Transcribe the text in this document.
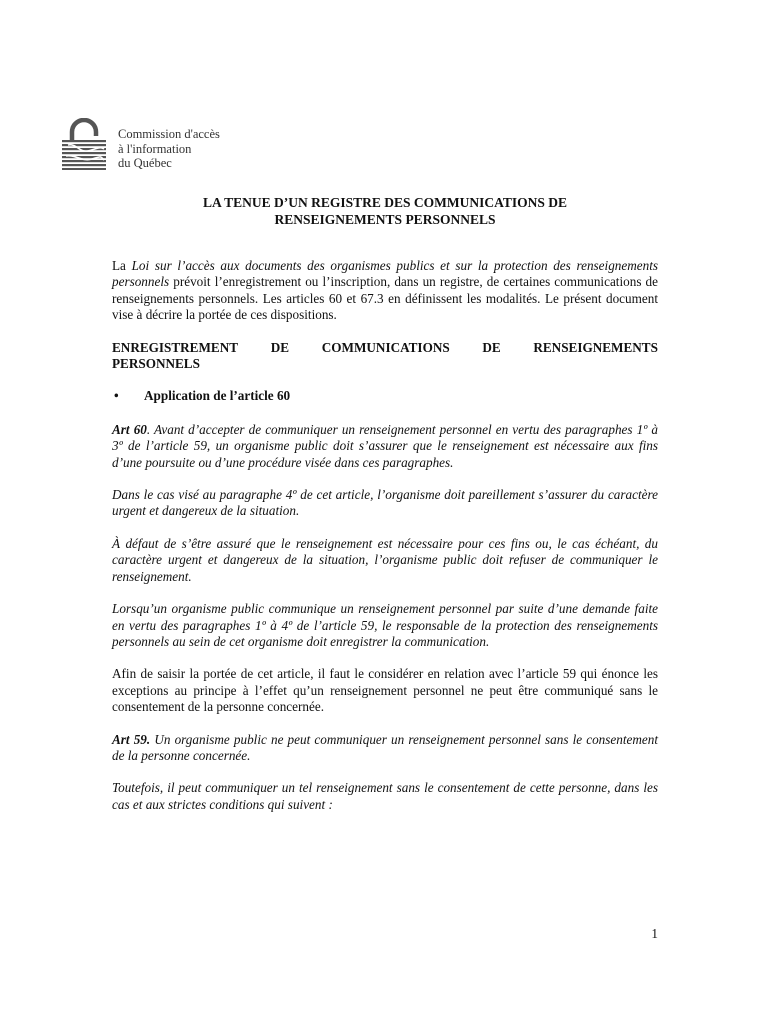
Commission d'accès
à l'information
du Québec
LA TENUE D’UN REGISTRE DES COMMUNICATIONS DE
RENSEIGNEMENTS PERSONNELS

La Loi sur l’accès aux documents des organismes publics et sur la protection des renseignements personnels prévoit l’enregistrement ou l’inscription, dans un registre, de certaines communications de renseignements personnels. Les articles 60 et 67.3 en définissent les modalités. Le présent document vise à décrire la portée de ces dispositions.

ENREGISTREMENT DE COMMUNICATIONS DE RENSEIGNEMENTS
PERSONNELS
•	Application de l’article 60

Art 60. Avant d’accepter de communiquer un renseignement personnel en vertu des paragraphes 1º à 3º de l’article 59, un organisme public doit s’assurer que le renseignement est nécessaire aux fins d’une poursuite ou d’une procédure visée dans ces paragraphes.

Dans le cas visé au paragraphe 4º de cet article, l’organisme doit pareillement s’assurer du caractère urgent et dangereux de la situation.

À défaut de s’être assuré que le renseignement est nécessaire pour ces fins ou, le cas échéant, du caractère urgent et dangereux de la situation, l’organisme public doit refuser de communiquer le renseignement.

Lorsqu’un organisme public communique un renseignement personnel par suite d’une demande faite en vertu des paragraphes 1º à 4º de l’article 59, le responsable de la protection des renseignements personnels au sein de cet organisme doit enregistrer la communication.

Afin de saisir la portée de cet article, il faut le considérer en relation avec l’article 59 qui énonce les exceptions au principe à l’effet qu’un renseignement personnel ne peut être communiqué sans le consentement de la personne concernée.

Art 59. Un organisme public ne peut communiquer un renseignement personnel sans le consentement de la personne concernée.

Toutefois, il peut communiquer un tel renseignement sans le consentement de cette personne, dans les cas et aux strictes conditions qui suivent :

1
